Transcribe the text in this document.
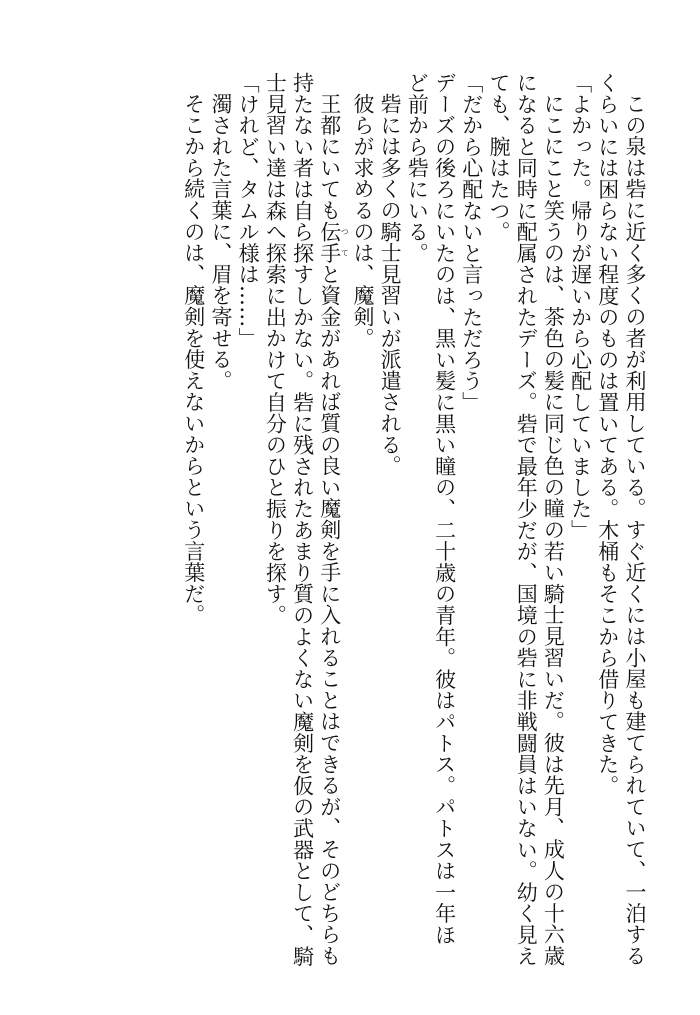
この泉は砦に近く多くの者が利用している。すぐ近くには小屋も建てられていて、一泊する
くらいには困らない程度のものは置いてある。木桶もそこから借りてきた。
「よかった。帰りが遅いから心配していました」
にこにこと笑うのは、茶色の髪に同じ色の瞳の若い騎士見習いだ。彼は先月、成人の十六歳
になると同時に配属されたデーズ。砦で最年少だが、国境の砦に非戦闘員はいない。幼く見え
ても、腕はたつ。
「だから心配ないと言っただろう」
デーズの後ろにいたのは、黒い髪に黒い瞳の、二十歳の青年。彼はパトス。パトスは一年ほ
ど前から砦にいる。
砦には多くの騎士見習いが派遣される。
彼らが求めるのは、魔剣。
王都にいても伝手つてと資金があれば質の良い魔剣を手に入れることはできるが、そのどちらも
持たない者は自ら探すしかない。砦に残されたあまり質のよくない魔剣を仮の武器として、騎
士見習い達は森へ探索に出かけて自分のひと振りを探す。
「けれど、タムル様は……」
濁された言葉に、眉を寄せる。
そこから続くのは、魔剣を使えないからという言葉だ。
